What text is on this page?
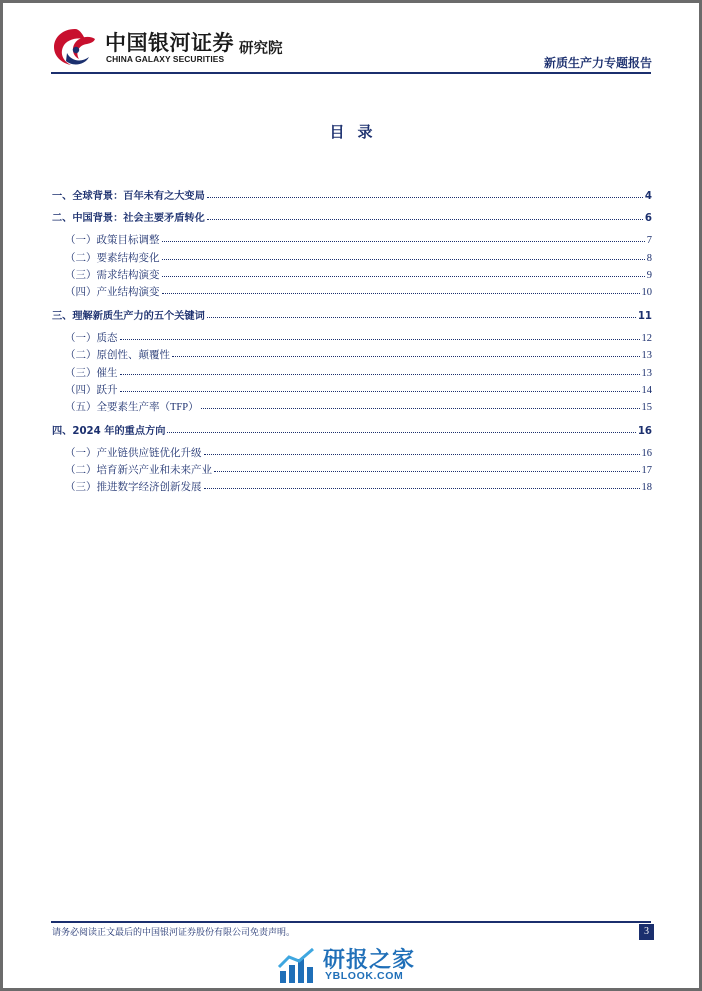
中国银河证券
CHINA GALAXY SECURITIES
研究院
新质生产力专题报告
目录
一、全球背景：百年未有之大变局	4
二、中国背景：社会主要矛盾转化	6
（一）政策目标调整	7
（二）要素结构变化	8
（三）需求结构演变	9
（四）产业结构演变	10
三、理解新质生产力的五个关键词	11
（一）质态	12
（二）原创性、颠覆性	13
（三）催生	13
（四）跃升	14
（五）全要素生产率（TFP）	15
四、2024 年的重点方向	16
（一）产业链供应链优化升级	16
（二）培育新兴产业和未来产业	17
（三）推进数字经济创新发展	18
请务必阅读正文最后的中国银河证券股份有限公司免责声明。	3
研报之家
YBLOOK.COM
